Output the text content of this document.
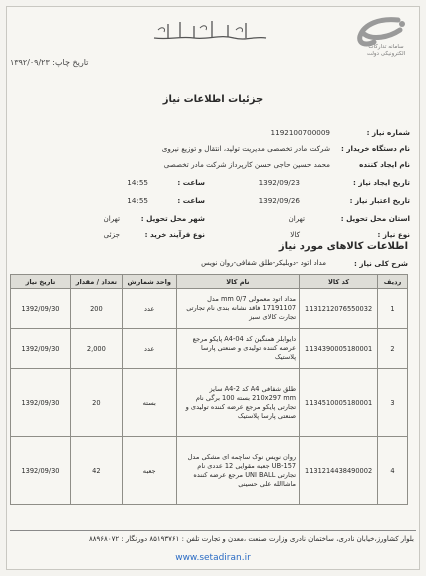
تاریخ چاپ: ۱۳۹۲/۰۹/۲۳
سامانه تدارکات الکترونیکی دولت
جزئیات اطلاعات نیاز
شماره نیاز :
1192100700009
نام دستگاه خریدار :
شرکت مادر تخصصی مدیریت تولید، انتقال و توزیع نیروی
نام ایجاد کننده
محمد حسین حاجی حسن کارپرداز شرکت مادر تخصصی
تاریخ ایجاد نیاز :
1392/09/23
ساعت :
14:55
تاریخ اعتبار نیاز :
1392/09/26
ساعت :
14:55
استان محل تحویل :
تهران
شهر محل تحویل :
تهران
نوع نیاز :
کالا
نوع فرآیند خرید :
جزئی
اطلاعات کالاهای مورد نیاز
شرح کلی نیاز :
مداد اتود -دوبلیکر-طلق شفافی-روان نویس
ردیف	کد کالا	نام کالا	واحد شمارش	تعداد / مقدار	تاریخ نیاز
1	1131212076550032	مداد اتود معمولی 0/7 mm مدل 17191107 فاقد نشانه بندی نام تجارتی تجارت کالای سبز	عدد	200	1392/09/30
2	1134390005180001	دایوابلر همنگین کد A4-04 پایکو مرجع عرضه کننده تولیدی و صنعتی پارسا پلاستیک	عدد	2,000	1392/09/30
3	1134510005180001	طلق شفافی A4 کد A4-2 سایز 210x297 mm بسته 100 برگی نام تجارتی پایکو مرجع عرضه کننده تولیدی و صنعتی پارسا پلاستیک	بسته	20	1392/09/30
4	1131214438490002	روان نویس نوک ساچمه ای مشکی مدل UB-157 جعبه مقوایی 12 عددی نام تجارتی UNI BALL مرجع عرضه کننده ماشاالله علی حسینی	جعبه	42	1392/09/30
بلوار کشاورز،خیابان نادری، ساختمان نادری وزارت صنعت ،معدن و تجارت تلفن : ۸۵۱۹۳۷۶۱ دورنگار : ۸۸۹۶۸۰۷۲
www.setadiran.ir
